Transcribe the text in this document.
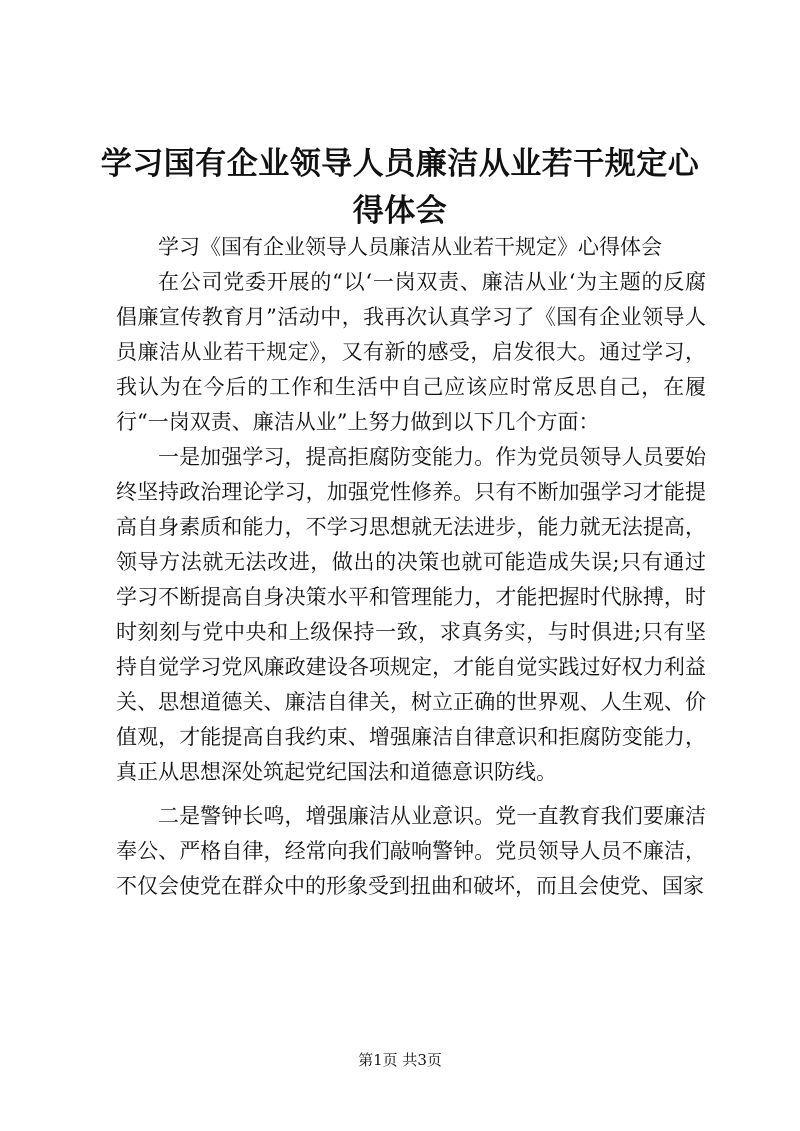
学习国有企业领导人员廉洁从业若干规定心得体会

学习《国有企业领导人员廉洁从业若干规定》心得体会

在公司党委开展的“以‘一岗双责、廉洁从业‘为主题的反腐倡廉宣传教育月”活动中，我再次认真学习了《国有企业领导人员廉洁从业若干规定》，又有新的感受，启发很大。通过学习，我认为在今后的工作和生活中自己应该应时常反思自己，在履行“一岗双责、廉洁从业”上努力做到以下几个方面：

一是加强学习，提高拒腐防变能力。作为党员领导人员要始终坚持政治理论学习，加强党性修养。只有不断加强学习才能提高自身素质和能力，不学习思想就无法进步，能力就无法提高，领导方法就无法改进，做出的决策也就可能造成失误;只有通过学习不断提高自身决策水平和管理能力，才能把握时代脉搏，时时刻刻与党中央和上级保持一致，求真务实，与时俱进;只有坚持自觉学习党风廉政建设各项规定，才能自觉实践过好权力利益关、思想道德关、廉洁自律关，树立正确的世界观、人生观、价值观，才能提高自我约束、增强廉洁自律意识和拒腐防变能力，真正从思想深处筑起党纪国法和道德意识防线。

二是警钟长鸣，增强廉洁从业意识。党一直教育我们要廉洁奉公、严格自律，经常向我们敲响警钟。党员领导人员不廉洁，不仅会使党在群众中的形象受到扭曲和破坏，而且会使党、国家

第1页 共3页
